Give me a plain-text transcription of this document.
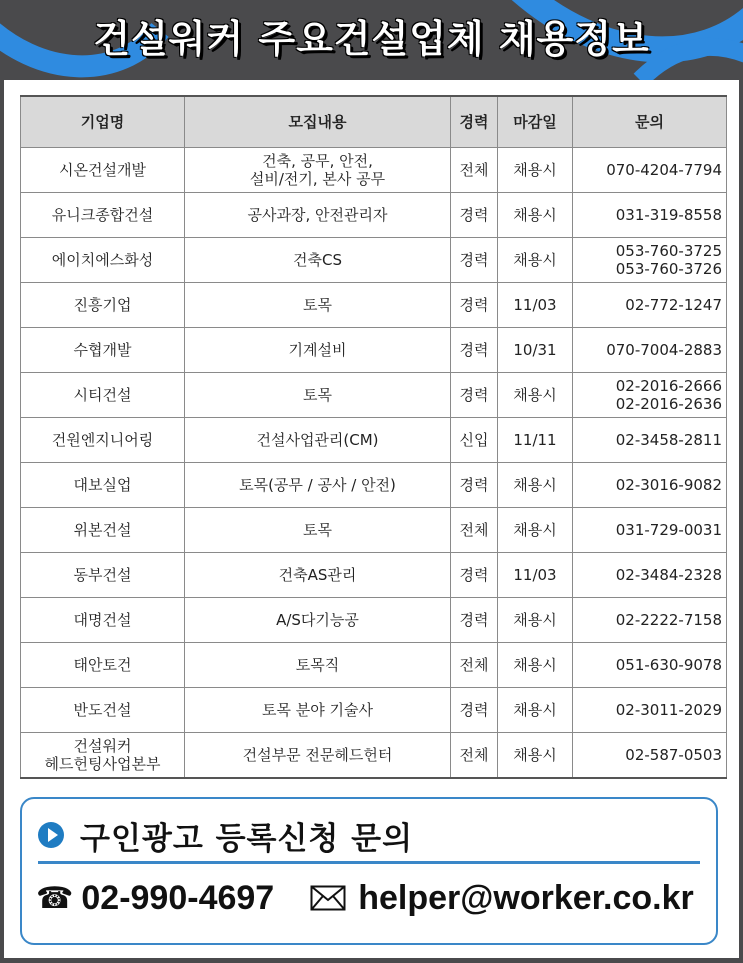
건설워커 주요건설업체 채용정보
기업명	모집내용	경력	마감일	문의

시온건설개발	건축, 공무, 안전,
설비/전기, 본사 공무	전체	채용시	070-4204-7794

유니크종합건설	공사과장, 안전관리자	경력	채용시	031-319-8558

에이치에스화성	건축CS	경력	채용시	053-760-3725
053-760-3726

진흥기업	토목	경력	11/03	02-772-1247

수협개발	기계설비	경력	10/31	070-7004-2883

시티건설	토목	경력	채용시	02-2016-2666
02-2016-2636

건원엔지니어링	건설사업관리(CM)	신입	11/11	02-3458-2811

대보실업	토목(공무 / 공사 / 안전)	경력	채용시	02-3016-9082

위본건설	토목	전체	채용시	031-729-0031

동부건설	건축AS관리	경력	11/03	02-3484-2328

대명건설	A/S다기능공	경력	채용시	02-2222-7158

태안토건	토목직	전체	채용시	051-630-9078

반도건설	토목 분야 기술사	경력	채용시	02-3011-2029

건설워커
헤드헌팅사업본부	건설부문 전문헤드헌터	전체	채용시	02-587-0503
구인광고 등록신청 문의
☎ 02-990-4697 helper@worker.co.kr
